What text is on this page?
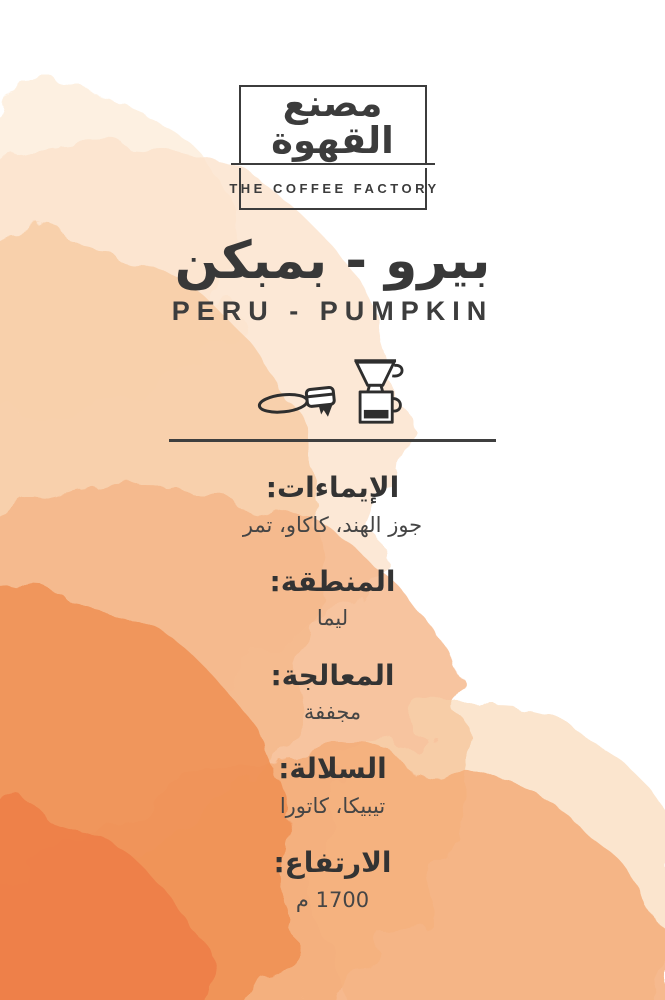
مصنع القهوة
THE COFFEE FACTORY
بيرو - بمبكن
PERU - PUMPKIN
الإيماءات:

جوز الهند، كاكاو، تمر

المنطقة:

ليما

المعالجة:

مجففة

السلالة:

تيبيكا، كاتورا

الارتفاع:

1700 م
